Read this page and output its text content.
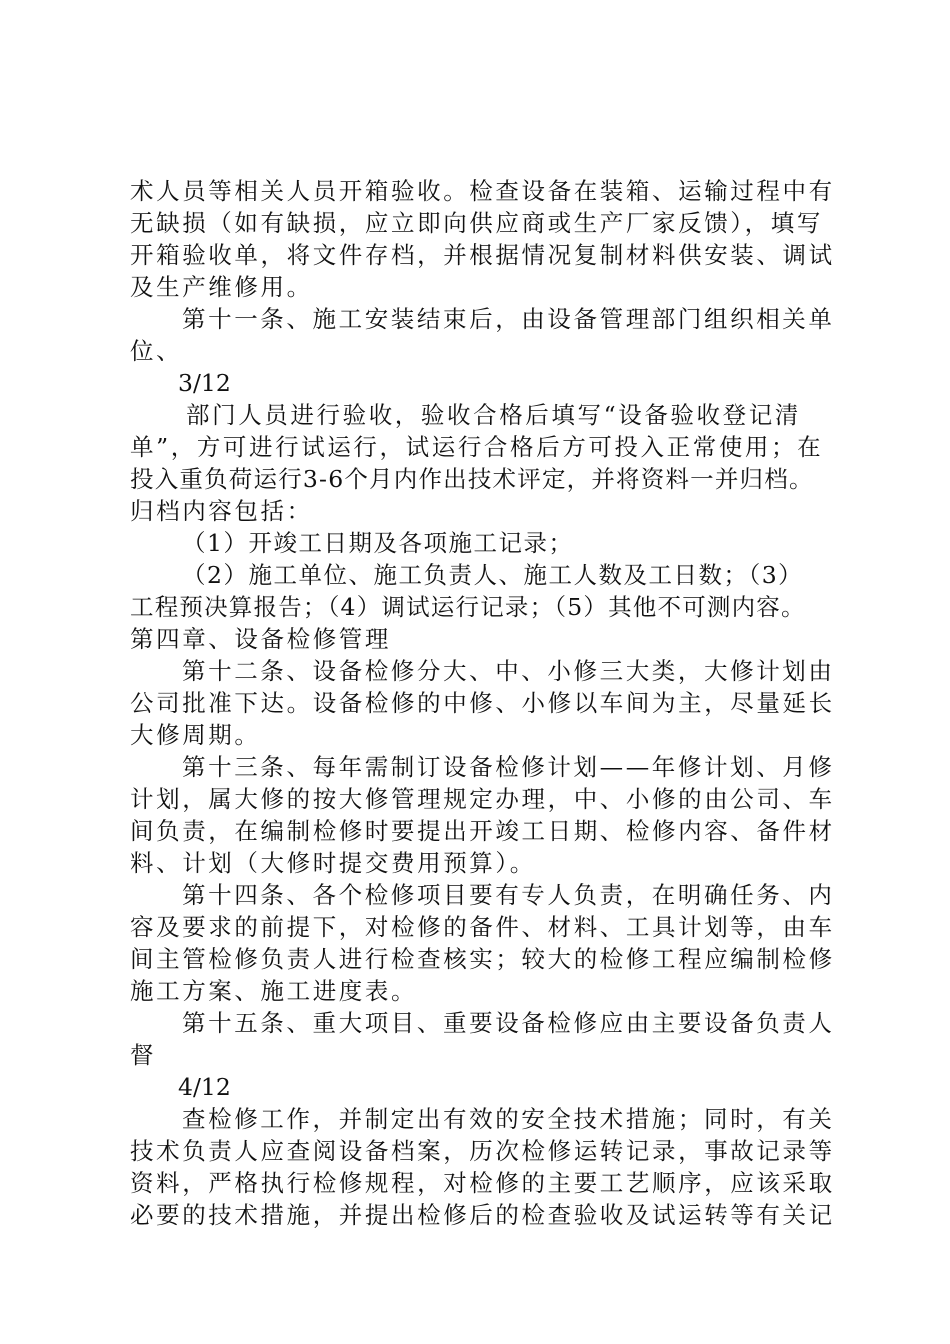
术人员等相关人员开箱验收。检查设备在装箱、运输过程中有
无缺损（如有缺损，应立即向供应商或生产厂家反馈），填写
开箱验收单，将文件存档，并根据情况复制材料供安装、调试
及生产维修用。
第十一条、施工安装结束后，由设备管理部门组织相关单
位、
3/12
部门人员进行验收，验收合格后填写“设备验收登记清
单”，方可进行试运行，试运行合格后方可投入正常使用；在
投入重负荷运行3-6个月内作出技术评定，并将资料一并归档。
归档内容包括：
（1）开竣工日期及各项施工记录；
（2）施工单位、施工负责人、施工人数及工日数；（3）
工程预决算报告；（4）调试运行记录；（5）其他不可测内容。
第四章、设备检修管理
第十二条、设备检修分大、中、小修三大类，大修计划由
公司批准下达。设备检修的中修、小修以车间为主，尽量延长
大修周期。
第十三条、每年需制订设备检修计划——年修计划、月修
计划，属大修的按大修管理规定办理，中、小修的由公司、车
间负责，在编制检修时要提出开竣工日期、检修内容、备件材
料、计划（大修时提交费用预算）。
第十四条、各个检修项目要有专人负责，在明确任务、内
容及要求的前提下，对检修的备件、材料、工具计划等，由车
间主管检修负责人进行检查核实；较大的检修工程应编制检修
施工方案、施工进度表。
第十五条、重大项目、重要设备检修应由主要设备负责人
督
4/12
查检修工作，并制定出有效的安全技术措施；同时，有关
技术负责人应查阅设备档案，历次检修运转记录，事故记录等
资料，严格执行检修规程，对检修的主要工艺顺序，应该采取
必要的技术措施，并提出检修后的检查验收及试运转等有关记
